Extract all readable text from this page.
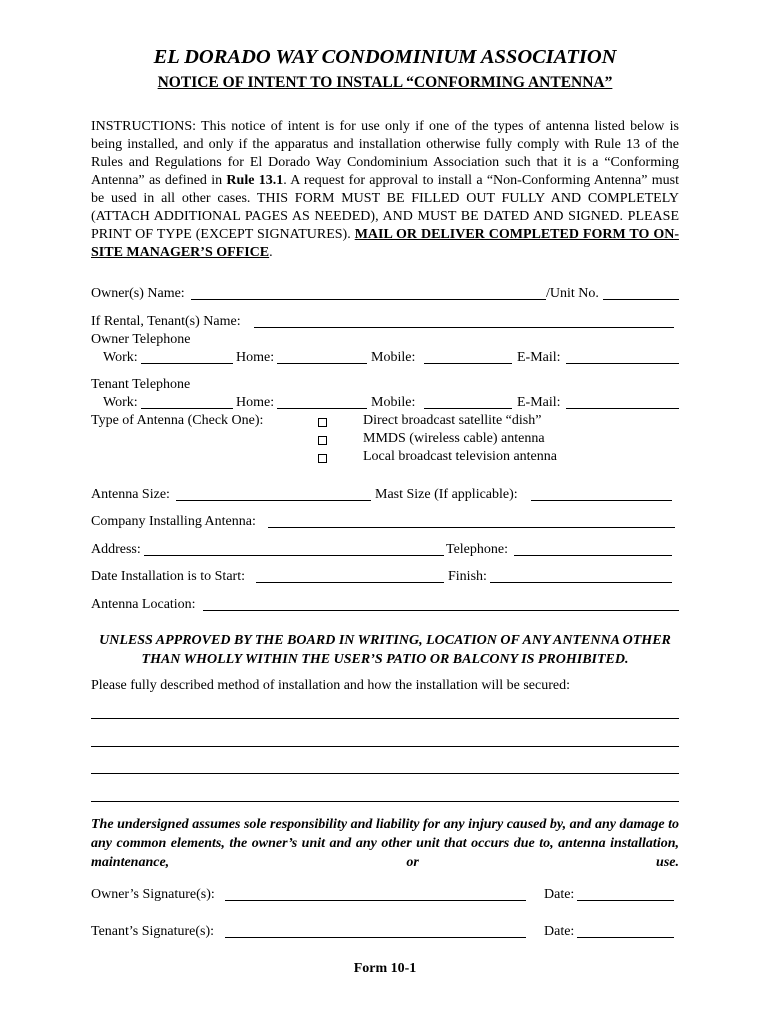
EL DORADO WAY CONDOMINIUM ASSOCIATION
NOTICE OF INTENT TO INSTALL “CONFORMING ANTENNA”
INSTRUCTIONS: This notice of intent is for use only if one of the types of antenna listed below is being installed, and only if the apparatus and installation otherwise fully comply with Rule 13 of the Rules and Regulations for El Dorado Way Condominium Association such that it is a “Conforming Antenna” as defined in Rule 13.1. A request for approval to install a “Non-Conforming Antenna” must be used in all other cases. THIS FORM MUST BE FILLED OUT FULLY AND COMPLETELY (ATTACH ADDITIONAL PAGES AS NEEDED), AND MUST BE DATED AND SIGNED. PLEASE PRINT OF TYPE (EXCEPT SIGNATURES). MAIL OR DELIVER COMPLETED FORM TO ON-SITE MANAGER’S OFFICE.
Owner(s) Name:	/Unit No.
If Rental, Tenant(s) Name:
Owner Telephone
Work:	Home:	Mobile:	E-Mail:
Tenant Telephone
Work:	Home:	Mobile:	E-Mail:
Type of Antenna (Check One):	Direct broadcast satellite “dish”
MMDS (wireless cable) antenna
Local broadcast television antenna
Antenna Size:	Mast Size (If applicable):
Company Installing Antenna:
Address:	Telephone:
Date Installation is to Start:	Finish:
Antenna Location:
UNLESS APPROVED BY THE BOARD IN WRITING, LOCATION OF ANY ANTENNA OTHER THAN WHOLLY WITHIN THE USER’S PATIO OR BALCONY IS PROHIBITED.
Please fully described method of installation and how the installation will be secured:
The undersigned assumes sole responsibility and liability for any injury caused by, and any damage to any common elements, the owner’s unit and any other unit that occurs due to, antenna installation, maintenance, or use.
Owner’s Signature(s):	Date:
Tenant’s Signature(s):	Date:
Form 10-1
